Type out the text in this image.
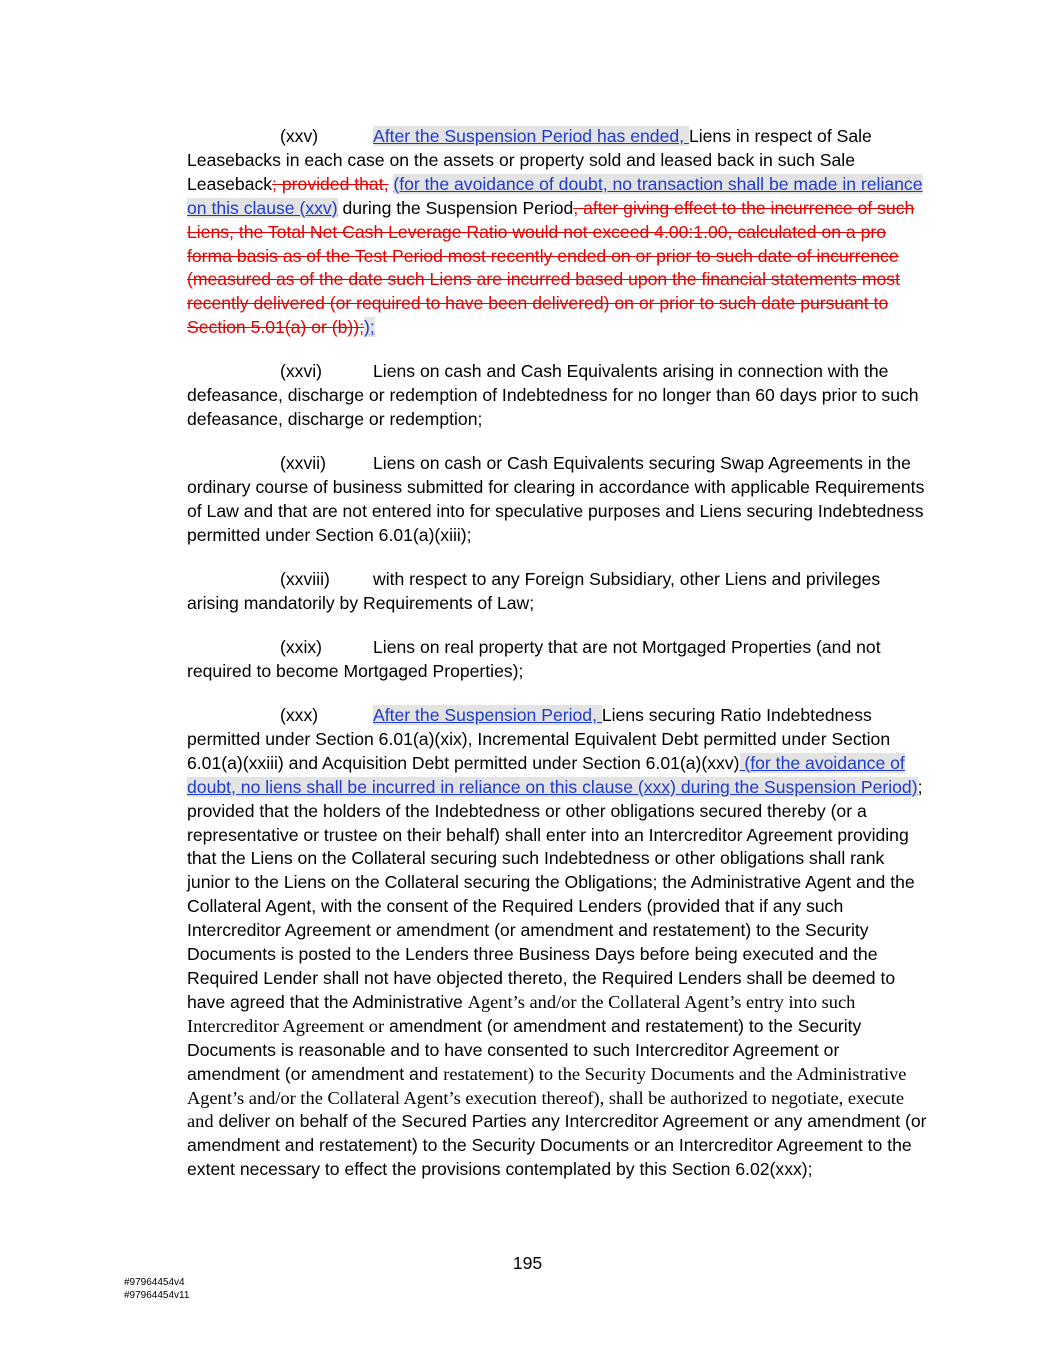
(xxv)	After the Suspension Period has ended, Liens in respect of Sale Leasebacks in each case on the assets or property sold and leased back in such Sale Leaseback; provided that, (for the avoidance of doubt, no transaction shall be made in reliance on this clause (xxv) during the Suspension Period, after giving effect to the incurrence of such Liens, the Total Net Cash Leverage Ratio would not exceed 4.00:1.00, calculated on a pro forma basis as of the Test Period most recently ended on or prior to such date of incurrence (measured as of the date such Liens are incurred based upon the financial statements most recently delivered (or required to have been delivered) on or prior to such date pursuant to Section 5.01(a) or (b)););
(xxvi)	Liens on cash and Cash Equivalents arising in connection with the defeasance, discharge or redemption of Indebtedness for no longer than 60 days prior to such defeasance, discharge or redemption;
(xxvii)	Liens on cash or Cash Equivalents securing Swap Agreements in the ordinary course of business submitted for clearing in accordance with applicable Requirements of Law and that are not entered into for speculative purposes and Liens securing Indebtedness permitted under Section 6.01(a)(xiii);
(xxviii) with respect to any Foreign Subsidiary, other Liens and privileges arising mandatorily by Requirements of Law;
(xxix)	Liens on real property that are not Mortgaged Properties (and not required to become Mortgaged Properties);
(xxx)	After the Suspension Period, Liens securing Ratio Indebtedness permitted under Section 6.01(a)(xix), Incremental Equivalent Debt permitted under Section 6.01(a)(xxiii) and Acquisition Debt permitted under Section 6.01(a)(xxv) (for the avoidance of doubt, no liens shall be incurred in reliance on this clause (xxx) during the Suspension Period); provided that the holders of the Indebtedness or other obligations secured thereby (or a representative or trustee on their behalf) shall enter into an Intercreditor Agreement providing that the Liens on the Collateral securing such Indebtedness or other obligations shall rank junior to the Liens on the Collateral securing the Obligations; the Administrative Agent and the Collateral Agent, with the consent of the Required Lenders (provided that if any such Intercreditor Agreement or amendment (or amendment and restatement) to the Security Documents is posted to the Lenders three Business Days before being executed and the Required Lender shall not have objected thereto, the Required Lenders shall be deemed to have agreed that the Administrative Agent’s and/or the Collateral Agent’s entry into such Intercreditor Agreement or amendment (or amendment and restatement) to the Security Documents is reasonable and to have consented to such Intercreditor Agreement or amendment (or amendment and restatement) to the Security Documents and the Administrative Agent’s and/or the Collateral Agent’s execution thereof), shall be authorized to negotiate, execute and deliver on behalf of the Secured Parties any Intercreditor Agreement or any amendment (or amendment and restatement) to the Security Documents or an Intercreditor Agreement to the extent necessary to effect the provisions contemplated by this Section 6.02(xxx);
195
#97964454v4
#97964454v11
